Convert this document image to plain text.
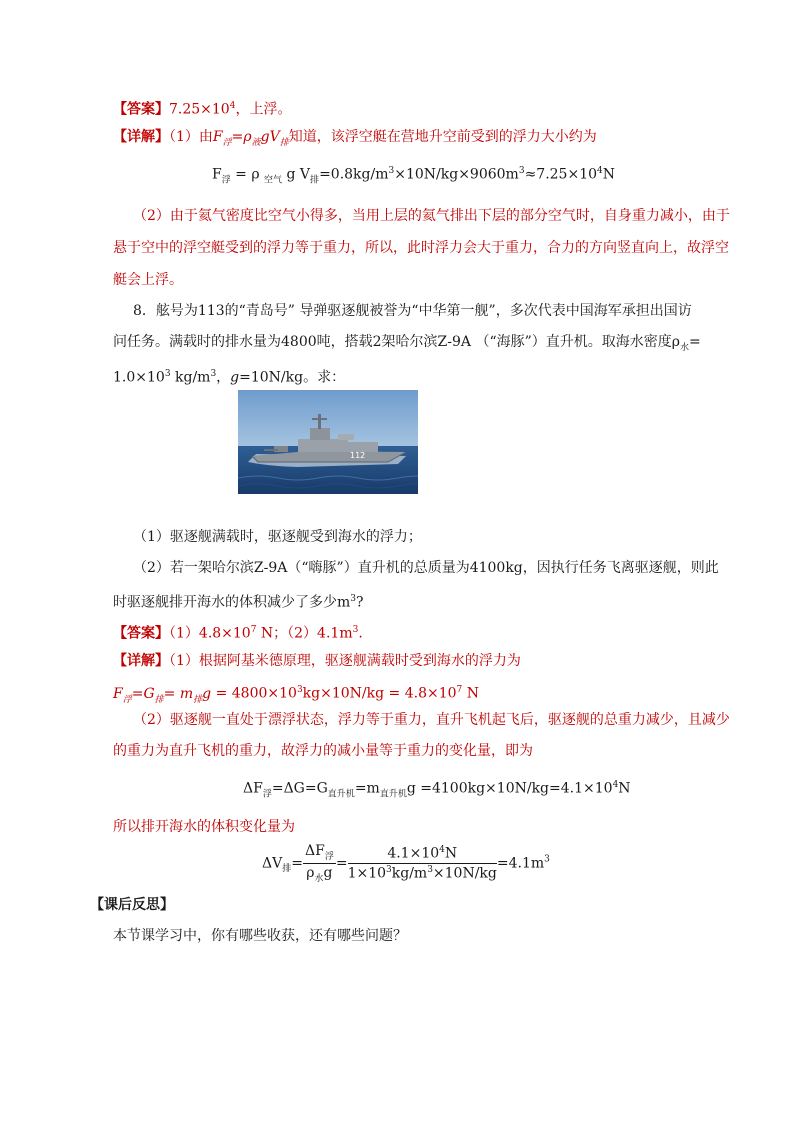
【答案】$7.25\times 10^4$，上浮。
【详解】（1）由$F_浮=\rho_液gV_排$知道，该浮空艇在营地升空前受到的浮力大小约为
$F_浮 = \rho$ $_{空气}$ g $V_排=0.8kg/m^3\times 10N/kg\times 9060m^3\approx 7.25\times 10^4N$
（2）由于氦气密度比空气小得多，当用上层的氦气排出下层的部分空气时，自身重力减小，由于
悬于空中的浮空艇受到的浮力等于重力，所以，此时浮力会大于重力，合力的方向竖直向上，故浮空
艇会上浮。
8．舷号为113的“青岛号” 导弹驱逐舰被誉为“中华第一舰”，多次代表中国海军承担出国访
问任务。满载时的排水量为4800吨，搭载2架哈尔滨Z-9A （“海豚”）直升机。取海水密度$\rho_水=$
$1.0\times 10^3$ $kg/m^3$，g=10N/kg。求：
112
（1）驱逐舰满载时，驱逐舰受到海水的浮力；
（2）若一架哈尔滨Z-9A（“嗨豚”）直升机的总质量为4100kg，因执行任务飞离驱逐舰，则此
时驱逐舰排开海水的体积减少了多少$m^3$?
【答案】$(1)4.8\times 10^7$ N；$(2)4.1m^3$.
【详解】（1）根据阿基米德原理，驱逐舰满载时受到海水的浮力为
$F_浮=G_排= m_排g = 4800\times 10^3kg\times 10N/kg = 4.8\times 10^7$ N
（2）驱逐舰一直处于漂浮状态，浮力等于重力，直升飞机起飞后，驱逐舰的总重力减少，且减少
的重力为直升飞机的重力，故浮力的减小量等于重力的变化量，即为
$\Delta F_浮=\Delta G=G_{直升机}=m_{直升机}g =4100kg\times 10N/kg=4.1\times 10^4N$
所以排开海水的体积变化量为
$\Delta V_排= \frac{\Delta F_浮}{\rho_水g} = \frac{4.1\times 10^4N}{1\times 10^3kg/m^3\times 10N/kg} =4.1m^3$
【课后反思】
本节课学习中，你有哪些收获，还有哪些问题？
